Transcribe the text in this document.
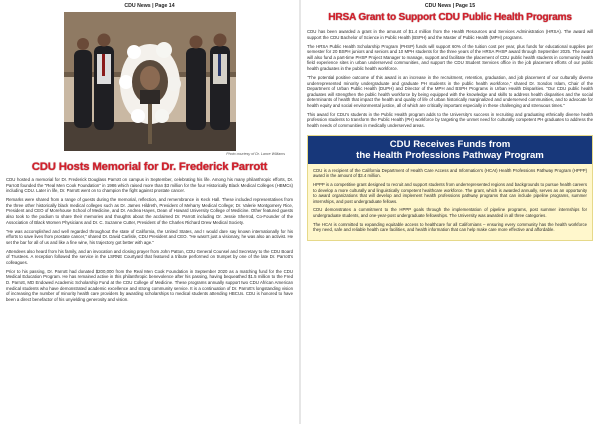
CDU News | Page 14
Photo courtesy of Dr. Lance Williams
CDU Hosts Memorial for Dr. Frederick Parrott

CDU hosted a memorial for Dr. Frederick Douglass Parrott on campus in September, celebrating his life. Among his many philanthropic efforts, Dr. Parrott founded the "Real Men Cook Foundation" in 1986 which raised more than $3 million for the four Historically Black Medical Colleges (HBMCs) including CDU. Later in life, Dr. Parrott went on to champion the fight against prostate cancer.

Remarks were shared from a range of guests during the memorial, reflection, and remembrance in Keck Hall. These included representatives from the three other historically black medical colleges such as Dr. James Hildreth, President of Meharry Medical College; Dr. Valerie Montgomery Rice, President and CEO of Morehouse School of Medicine, and Dr. Andrea Hayes, Dean of Howard University College of Medicine. Other featured guests also took to the podium to share their memories and thoughts about the acclaimed Dr. Parrott including Dr. Jessie Sherrod, Co-Founder of the Association of Black Women Physicians and Dr. C. Suzanne Cutter, President of the Charles Richard Drew Medical Society.

"He was accomplished and well regarded throughout the state of California, the United States, and I would dare say known internationally for his efforts to save lives from prostate cancer," shared Dr. David Carlisle, CDU President and CEO. "He wasn't just a visionary, he was also an activist. He set the bar for all of us and like a fine wine, his trajectory got better with age."

Attendees also heard from his family, and an invocation and closing prayer from John Patton, CDU General Counsel and Secretary to the CDU Board of Trustees. A reception followed the service in the LSRNE Courtyard that featured a tribute performed on trumpet by one of the late Dr. Parrott's colleagues.

Prior to his passing, Dr. Parrott had donated $200,000 from the Real Men Cook Foundation in September 2020 as a matching fund for the CDU Medical Education Program. He has remained active in this philanthropic benevolence after his passing, having bequeathed $1.5 million to the Fred D. Parrott, MD Endowed Academic Scholarship Fund at the CDU College of Medicine. These programs annually support two CDU African American medical students who have demonstrated academic excellence and strong community service. It is a continuation of Dr. Parrott's longstanding vision of increasing the number of minority health care providers by awarding scholarships to medical students attending HBCUs. CDU is honored to have been a direct benefactor of his unyielding generosity and vision.

CDU News | Page 15
HRSA Grant to Support CDU Public Health Programs

CDU has been awarded a grant in the amount of $1.4 million from the Health Resources and Services Administration (HRSA). The award will support the CDU Bachelor of Science in Public Health (BSPH) and the Master of Public Health (MPH) programs.

The HRSA Public Health Scholarship Program (PHSP) funds will support 60% of the tuition cost per year, plus funds for educational supplies per semester for 20 BSPH juniors and seniors and 10 MPH students for the three years of the HRSA PHSP award through September 2025. The award will also fund a part-time PHSP Project Manager to manage, support and facilitate the placement of CDU public health students in community health field experience sites in urban underserved communities, and support the CDU Student Services office in the job placement efforts of our public health graduates in the public health workforce.

"The potential positive outcome of this award is an increase in the recruitment, retention, graduation, and job placement of our culturally diverse underrepresented minority undergraduate and graduate PH students in the public health workforce," shared Dr. Sondos Islam, Chair of the Department of Urban Public Health (DUPH) and Director of the MPH and BSPH Programs in Urban Health Disparities. "Our CDU public health graduates will strengthen the public health workforce by being equipped with the knowledge and skills to address health disparities and the social determinants of health that impact the health and quality of life of urban historically marginalized and underserved communities, and to advocate for health equity and social environmental justice, all of which are critically important especially in these challenging and strenuous times."

This award for CDU's students in the Public Health program adds to the University's success in recruiting and graduating ethnically diverse health profession students to transform the Public Health (PH) workforce by targeting the unmet need for culturally competent PH graduates to address the health needs of communities in medically underserved areas.

CDU Receives Funds from
the Health Professions Pathway Program

CDU is a recipient of the California Department of Health Care Access and Information's (HCAI) Health Professions Pathway Program (HPPP) award in the amount of $3.4 million.

HPPP is a competitive grant designed to recruit and support students from underrepresented regions and backgrounds to pursue health careers to develop a more culturally and linguistically competent healthcare workforce. The grant, which is awarded annually, serves as an opportunity to award organizations that will develop and implement health professions pathway programs that can include pipeline programs, summer internships, and post undergraduate fellows.

CDU demonstrates a commitment to the HPPP goals through the implementation of pipeline programs, post summer internships for undergraduate students, and one-year-post undergraduate fellowships. The University was awarded in all three categories.

The HCAI is committed to expanding equitable access to healthcare for all Californians – ensuring every community has the health workforce they need, safe and reliable health care facilities, and health information that can help make care more effective and affordable.
